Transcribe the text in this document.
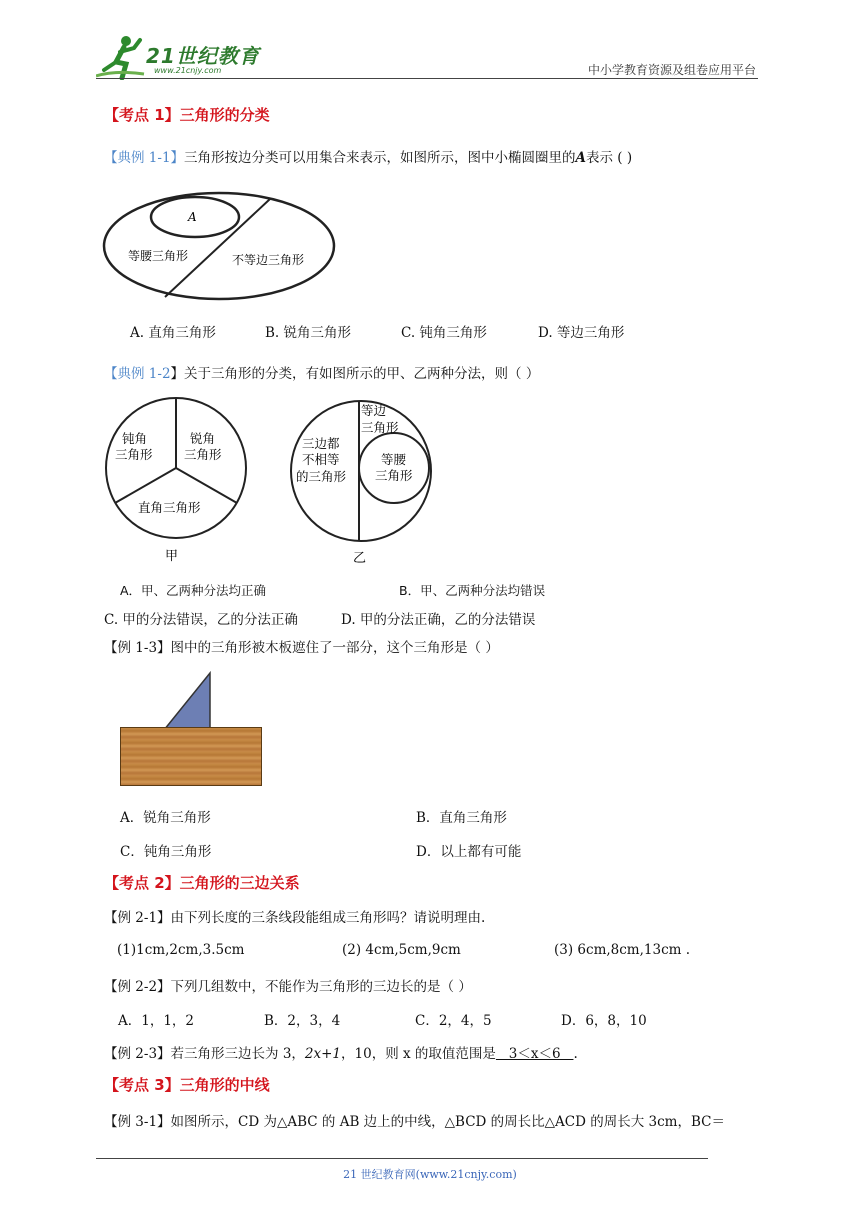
21世纪教育
www.21cnjy.com	中小学教育资源及组卷应用平台
【考点 1】三角形的分类
【典例 1-1】三角形按边分类可以用集合来表示，如图所示，图中小椭圆圈里的A表示 ( )
A
等腰三角形	不等边三角形
A. 直角三角形	B. 锐角三角形	C. 钝角三角形	D. 等边三角形
【典例 1-2】关于三角形的分类，有如图所示的甲、乙两种分法，则（ ）
钝角
三角形
锐角
三角形
直角三角形
甲
三边都
不相等
的三角形
等边
三角形
等腰
三角形
乙
A．甲、乙两种分法均正确	B．甲、乙两种分法均错误
C. 甲的分法错误，乙的分法正确	D. 甲的分法正确，乙的分法错误
【例 1-3】图中的三角形被木板遮住了一部分，这个三角形是（ ）
A．锐角三角形	B．直角三角形
C．钝角三角形	D．以上都有可能
【考点 2】三角形的三边关系
【例 2-1】由下列长度的三条线段能组成三角形吗？请说明理由.
(1)1cm,2cm,3.5cm	(2) 4cm,5cm,9cm	(3) 6cm,8cm,13cm .
【例 2-2】下列几组数中，不能作为三角形的三边长的是（ ）
A．1，1，2	B．2，3，4	C．2，4，5	D．6，8，10
【例 2-3】若三角形三边长为 3，2x+1，10，则 x 的取值范围是   3＜x＜6   .
【考点 3】三角形的中线
【例 3-1】如图所示，CD 为△ABC 的 AB 边上的中线，△BCD 的周长比△ACD 的周长大 3cm，BC＝
21 世纪教育网(www.21cnjy.com)
